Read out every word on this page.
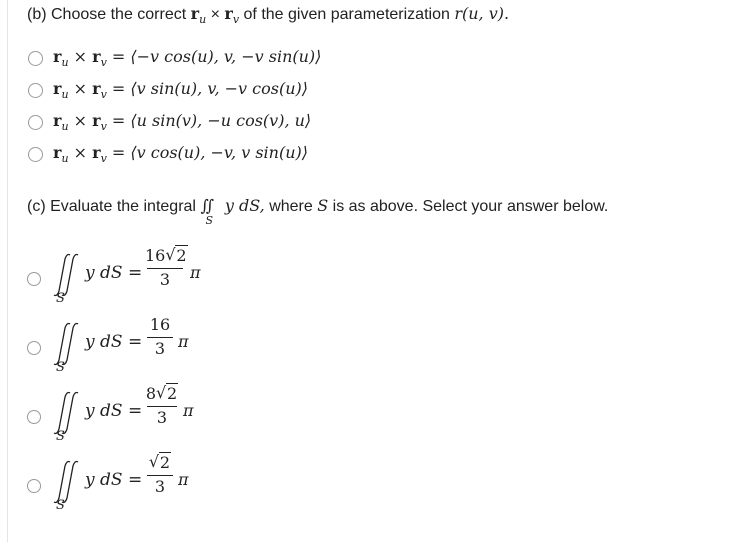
(b) Choose the correct $r_u \times r_v$ of the given parameterization r(u, v).
$r_u \times r_v$ = ⟨−v cos(u), v, −v sin(u)⟩
$r_u \times r_v$ = ⟨v sin(u), v, −v cos(u)⟩
$r_u \times r_v$ = ⟨u sin(v), −u cos(v), u⟩
$r_u \times r_v$ = ⟨v cos(u), −v, v sin(u)⟩
(c) Evaluate the integral ∬
S
y dS, where S is as above. Select your answer below.
S
y dS =
16 √ 2
3	π
S
y dS =
16
3 π
S
y dS =
8 √ 2
3 π
S
y dS =
√ 2
3 π
